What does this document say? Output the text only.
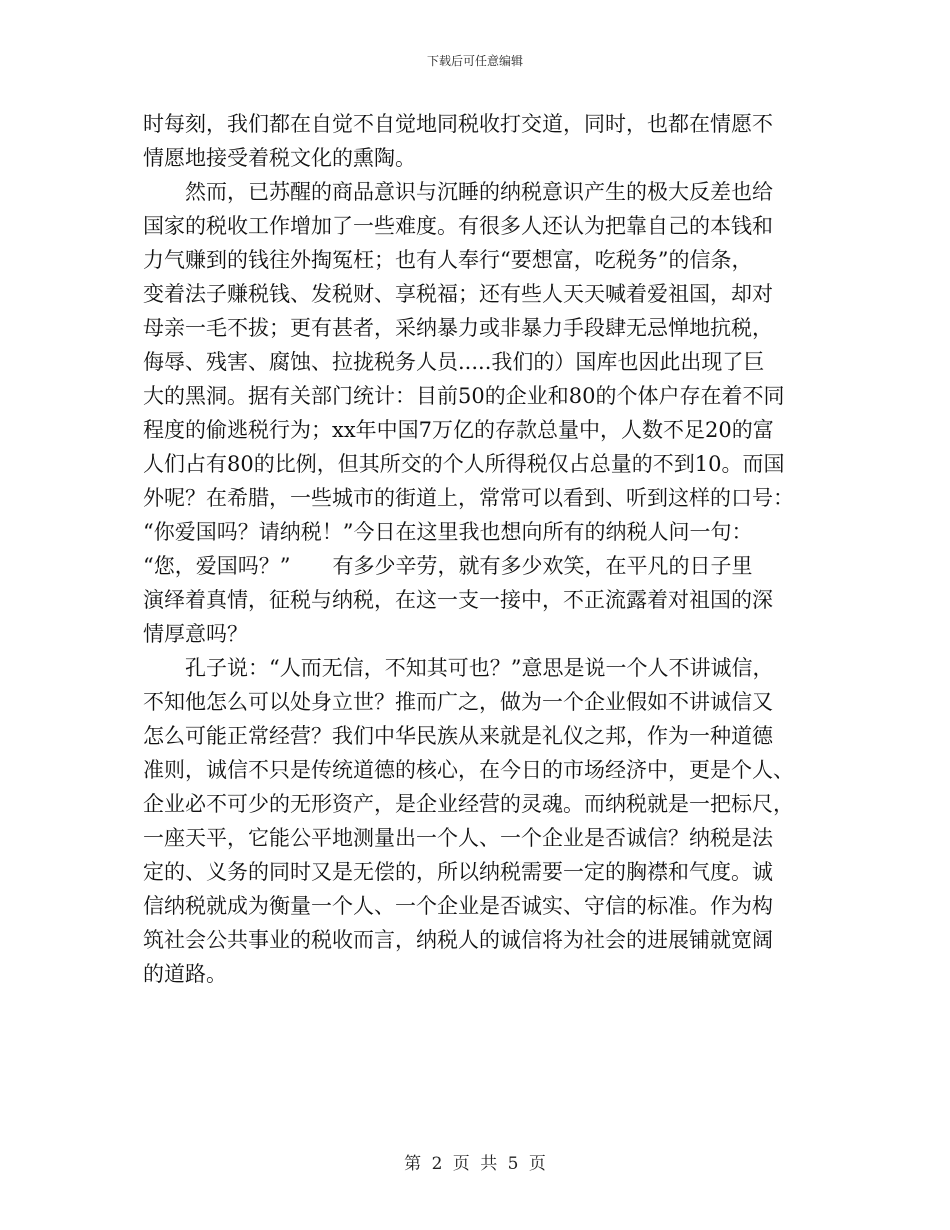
下载后可任意编辑
时每刻，我们都在自觉不自觉地同税收打交道，同时，也都在情愿不
情愿地接受着税文化的熏陶。
　　然而，已苏醒的商品意识与沉睡的纳税意识产生的极大反差也给
国家的税收工作增加了一些难度。有很多人还认为把靠自己的本钱和
力气赚到的钱往外掏冤枉；也有人奉行“要想富，吃税务”的信条，
变着法子赚税钱、发税财、享税福；还有些人天天喊着爱祖国，却对
母亲一毛不拔；更有甚者，采纳暴力或非暴力手段肆无忌惮地抗税，
侮辱、残害、腐蚀、拉拢税务人员.....我们的）国库也因此出现了巨
大的黑洞。据有关部门统计：目前50的企业和80的个体户存在着不同
程度的偷逃税行为；xx年中国7万亿的存款总量中，人数不足20的富
人们占有80的比例，但其所交的个人所得税仅占总量的不到10。而国
外呢？在希腊，一些城市的街道上，常常可以看到、听到这样的口号：
“你爱国吗？请纳税！”今日在这里我也想向所有的纳税人问一句：
“您，爱国吗？”　　有多少辛劳，就有多少欢笑，在平凡的日子里
演绎着真情，征税与纳税，在这一支一接中，不正流露着对祖国的深
情厚意吗？
　　孔子说：“人而无信，不知其可也？”意思是说一个人不讲诚信，
不知他怎么可以处身立世？推而广之，做为一个企业假如不讲诚信又
怎么可能正常经营？我们中华民族从来就是礼仪之邦，作为一种道德
准则，诚信不只是传统道德的核心，在今日的市场经济中，更是个人、
企业必不可少的无形资产，是企业经营的灵魂。而纳税就是一把标尺，
一座天平，它能公平地测量出一个人、一个企业是否诚信？纳税是法
定的、义务的同时又是无偿的，所以纳税需要一定的胸襟和气度。诚
信纳税就成为衡量一个人、一个企业是否诚实、守信的标准。作为构
筑社会公共事业的税收而言，纳税人的诚信将为社会的进展铺就宽阔
的道路。
第 2 页 共 5 页
